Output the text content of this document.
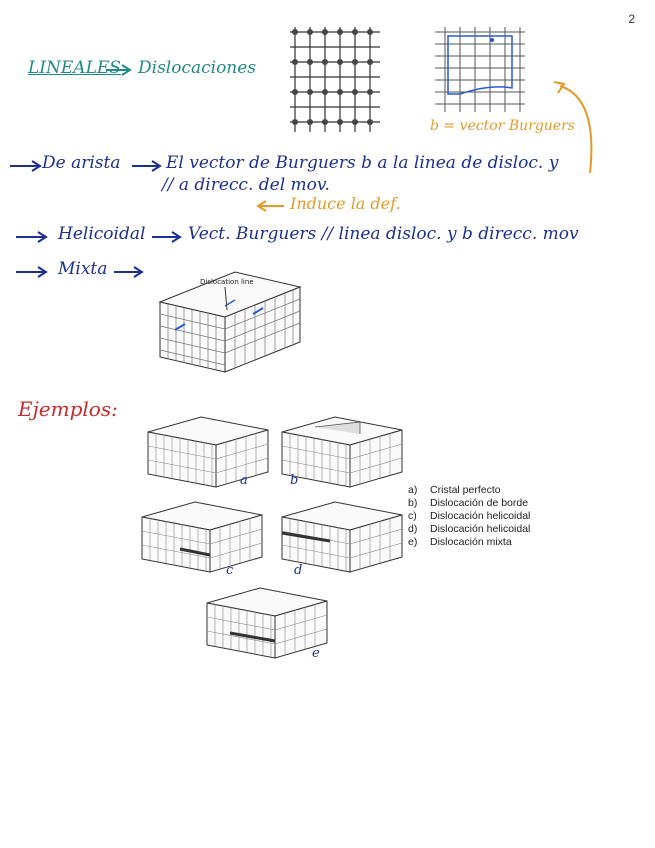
2
LINEALES Dislocaciones
b = vector Burguers
De arista	El vector de Burguers b a la linea de disloc. y
// a direcc. del mov.
Induce la def.
Helicoidal	Vect. Burguers // linea disloc. y b direcc. mov
Mixta
Dislocation line
Ejemplos:
a	b
c	d
e
a) Cristal perfecto
b) Dislocación de borde
c) Dislocación helicoidal
d) Dislocación helicoidal
e) Dislocación mixta
